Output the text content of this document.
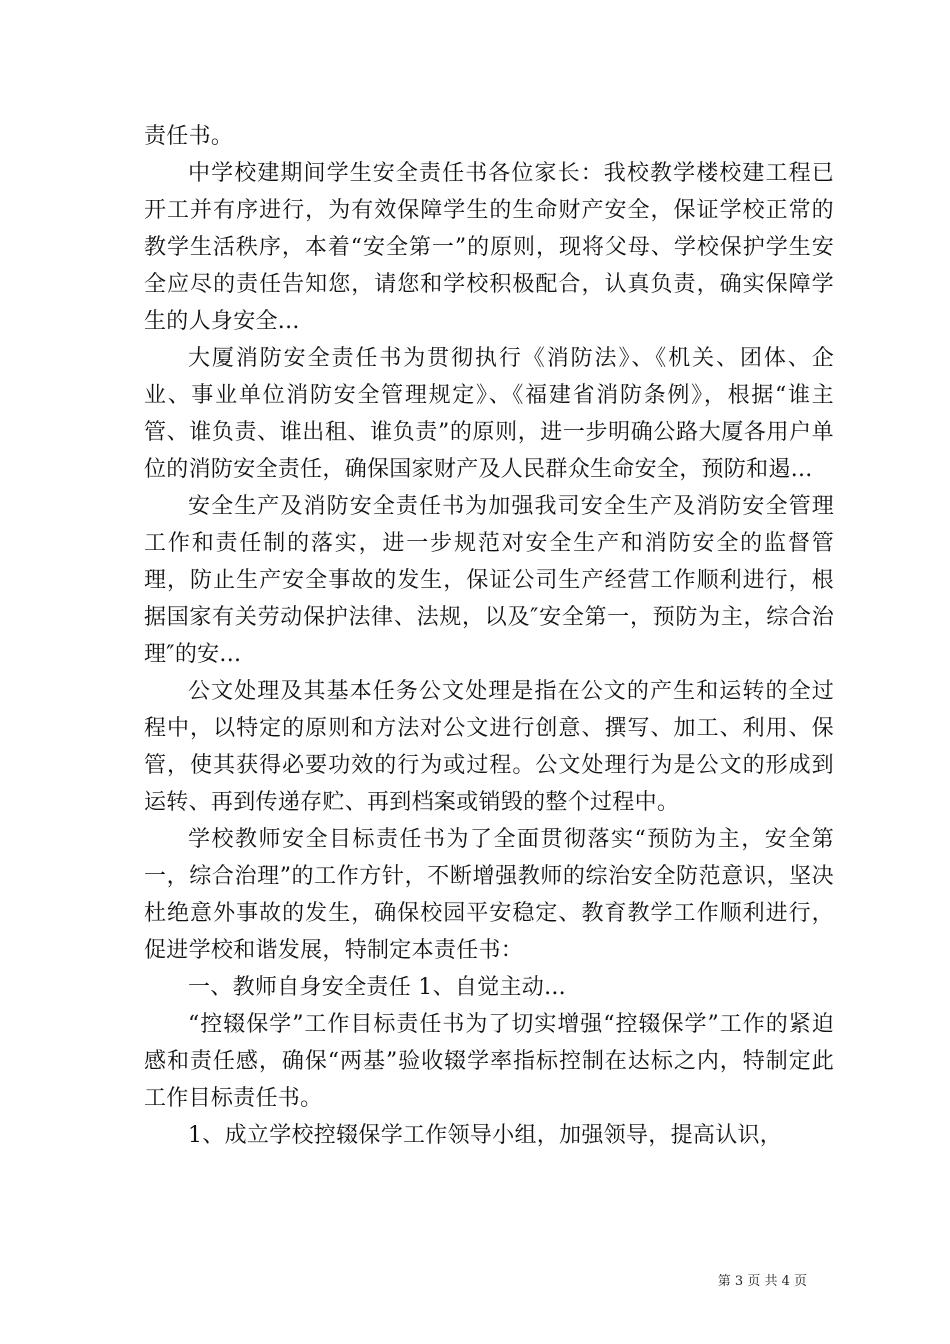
责任书。

中学校建期间学生安全责任书各位家长：我校教学楼校建工程已开工并有序进行，为有效保障学生的生命财产安全，保证学校正常的教学生活秩序，本着“安全第一”的原则，现将父母、学校保护学生安全应尽的责任告知您，请您和学校积极配合，认真负责，确实保障学生的人身安全...

大厦消防安全责任书为贯彻执行《消防法》、《机关、团体、企业、事业单位消防安全管理规定》、《福建省消防条例》，根据“谁主管、谁负责、谁出租、谁负责”的原则，进一步明确公路大厦各用户单位的消防安全责任，确保国家财产及人民群众生命安全，预防和遏...

安全生产及消防安全责任书为加强我司安全生产及消防安全管理工作和责任制的落实，进一步规范对安全生产和消防安全的监督管理，防止生产安全事故的发生，保证公司生产经营工作顺利进行，根据国家有关劳动保护法律、法规，以及″安全第一，预防为主，综合治理″的安...

公文处理及其基本任务公文处理是指在公文的产生和运转的全过程中，以特定的原则和方法对公文进行创意、撰写、加工、利用、保管，使其获得必要功效的行为或过程。公文处理行为是公文的形成到运转、再到传递存贮、再到档案或销毁的整个过程中。

学校教师安全目标责任书为了全面贯彻落实“预防为主，安全第一，综合治理”的工作方针，不断增强教师的综治安全防范意识，坚决杜绝意外事故的发生，确保校园平安稳定、教育教学工作顺利进行，促进学校和谐发展，特制定本责任书：

一、教师自身安全责任 1、自觉主动...

“控辍保学”工作目标责任书为了切实增强“控辍保学”工作的紧迫感和责任感，确保“两基”验收辍学率指标控制在达标之内，特制定此工作目标责任书。

1、成立学校控辍保学工作领导小组，加强领导，提高认识，

第 3 页 共 4 页
